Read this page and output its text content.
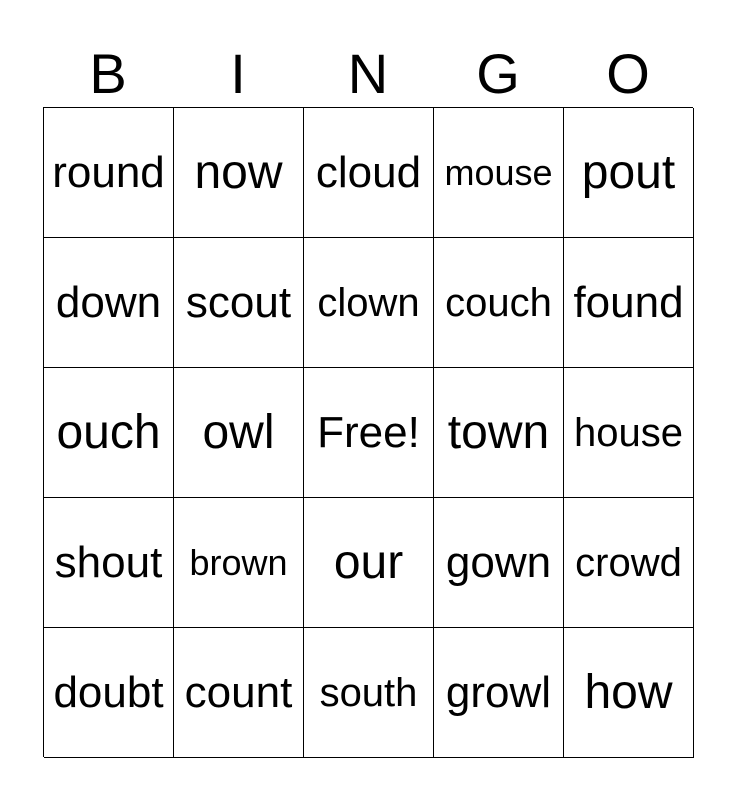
B	I	N	G	O
round now cloud mouse pout
down scout clown couch found
ouch owl Free! town house
shout brown our gown crowd
doubt count south growl how
